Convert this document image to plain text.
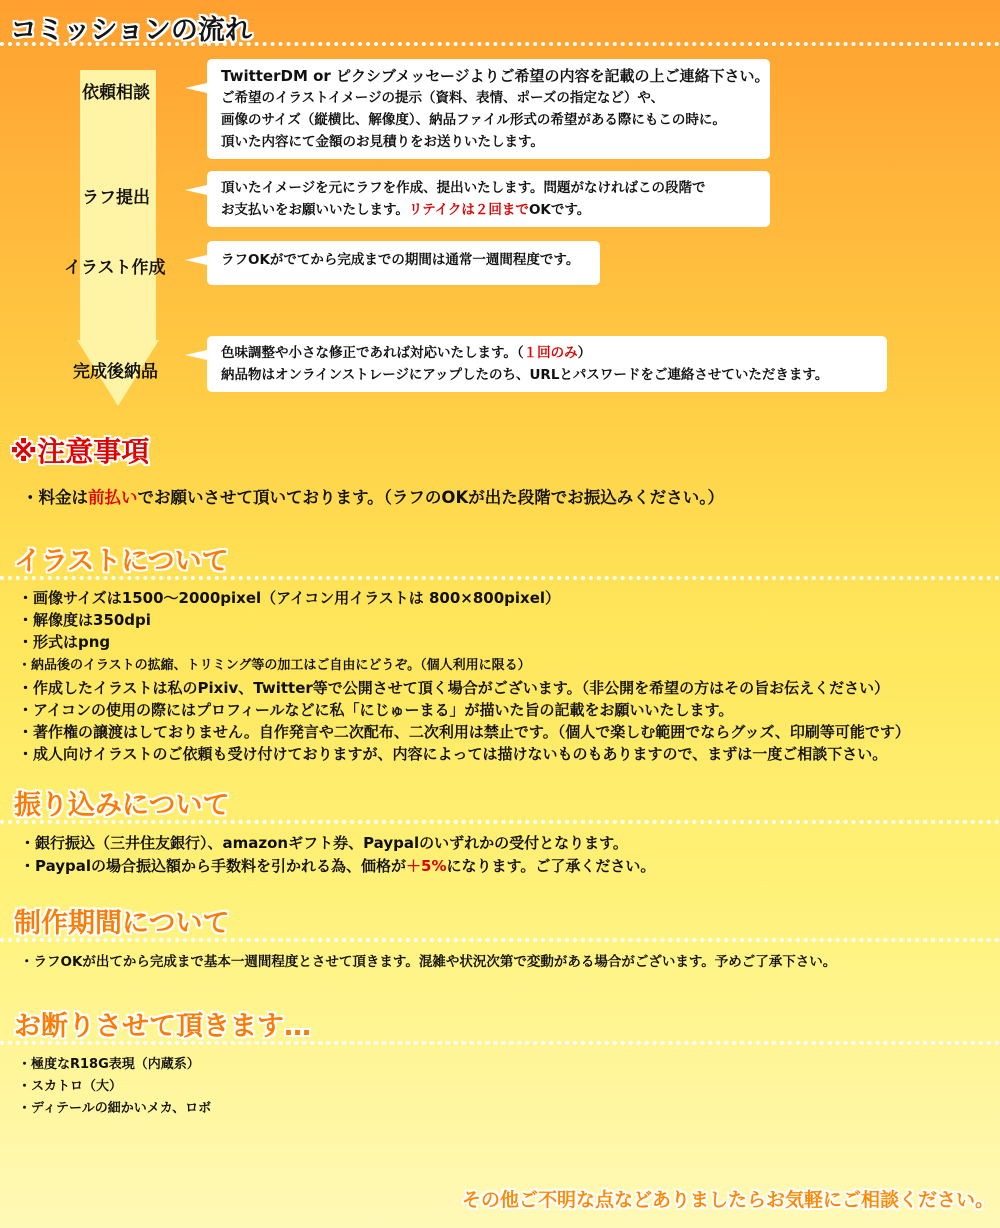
コミッションの流れ
依頼相談
ラフ提出
イラスト作成
完成後納品
TwitterDM or ピクシブメッセージよりご希望の内容を記載の上ご連絡下さい。
ご希望のイラストイメージの提示（資料、表情、ポーズの指定など）や、
画像のサイズ（縦横比、解像度）、納品ファイル形式の希望がある際にもこの時に。
頂いた内容にて金額のお見積りをお送りいたします。
頂いたイメージを元にラフを作成、提出いたします。問題がなければこの段階で
お支払いをお願いいたします。リテイクは２回までOKです。
ラフOKがでてから完成までの期間は通常一週間程度です。
色味調整や小さな修正であれば対応いたします。（１回のみ）
納品物はオンラインストレージにアップしたのち、URLとパスワードをご連絡させていただきます。
※注意事項
・料金は前払いでお願いさせて頂いております。（ラフのOKが出た段階でお振込みください。）
イラストについて
・画像サイズは1500～2000pixel（アイコン用イラストは 800×800pixel）
・解像度は350dpi
・形式はpng
・納品後のイラストの拡縮、トリミング等の加工はご自由にどうぞ。（個人利用に限る）
・作成したイラストは私のPixiv、Twitter等で公開させて頂く場合がございます。（非公開を希望の方はその旨お伝えください）
・アイコンの使用の際にはプロフィールなどに私「にじゅーまる」が描いた旨の記載をお願いいたします。
・著作権の譲渡はしておりません。自作発言や二次配布、二次利用は禁止です。（個人で楽しむ範囲でならグッズ、印刷等可能です）
・成人向けイラストのご依頼も受け付けておりますが、内容によっては描けないものもありますので、まずは一度ご相談下さい。
振り込みについて
・銀行振込（三井住友銀行）、amazonギフト券、Paypalのいずれかの受付となります。
・Paypalの場合振込額から手数料を引かれる為、価格が＋5%になります。ご了承ください。
制作期間について
・ラフOKが出てから完成まで基本一週間程度とさせて頂きます。混雑や状況次第で変動がある場合がございます。予めご了承下さい。
お断りさせて頂きます…
・極度なR18G表現（内蔵系）
・スカトロ（大）
・ディテールの細かいメカ、ロボ
その他ご不明な点などありましたらお気軽にご相談ください。
